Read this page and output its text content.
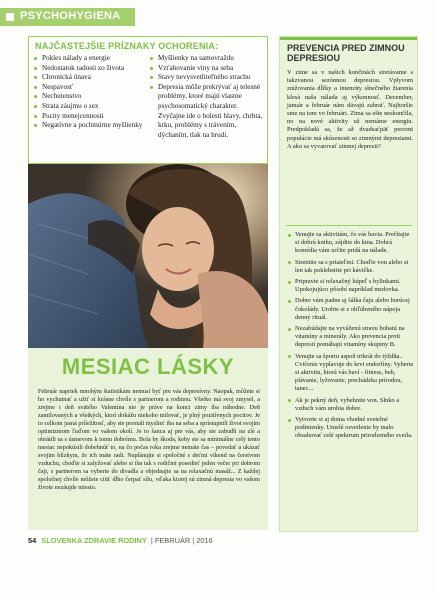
PSYCHOHYGIENA
NAJČASTEJŠIE PRÍZNAKY OCHORENIA:
Pokles nálady a energie
Nedostatok radosti zo života
Chronická únava
Nespavosť
Nechutenstvo
Strata záujmu o sex
Pocity menejcennosti
Negatívne a pochmúrne myšlienky
Myšlienky na samovraždu
Vzťahovanie viny na seba
Stavy nevysvetliteľného strachu
Depresia môže prekrývať aj telesné problémy, ktoré majú vlastne psychosomatický charakter. Zvyčajne ide o bolesti hlavy, chrbta, krku, problémy s trávením, dýchaním, tlak na hrudi.
MESIAC LÁSKY
Február napriek mnohým štatistikám nemusí byť pre vás depresívny. Naopak, môžete si ho vychutnať a užiť si krásne chvíle s partnerom a rodinou. Všetko má svoj zmysel, a zrejme i deň svätého Valentína nie je práve na konci zimy iba náhodne. Deň zamilovaných a všetkých, ktorí dokážu niekoho milovať, je plný pozitívnych pocitov. Je to celkom jasná príležitosť, aby ste prestali myslieť iba na seba a sprístupnili život svojim optimizmom ľuďom vo vašom okolí. Je to šanca aj pre vás, aby ste zabudli na zlé a obrátili sa s úsmevom k tomu dobrému. Bola by škoda, keby ste sa minimálne celý tento mesiac nepokúsili dobehnúť to, na čo počas roka zrejme nemáte čas – povedať a ukázať svojim blízkym, že ich máte radi. Naplánujte si spoločné s deťmi víkend na čerstvom vzduchu, choďte si zalyžovať alebo si iba tak s rodičmi posedieť jeden večer pri dobrom čaji, s partnerom sa vyberte do divadla a objednajte sa na relaxačnú masáž... Z každej spoločnej chvíle môžete cítiť dlho čerpať sílu, vďaka ktorej sú zimná depresia vo vašom živote nezáujde miesto.
PREVENCIA PRED ZIMNOU DEPRESIOU
V zime sa v našich končinách stretávame s takzvanou sezónnou depresiou. Vplyvom znižovania dĺžky a intenzity slnečného žiarenia klesá naša nálada aj výkonnosť. December, január a február nám dávajú zabrať. Najhoršie sme na tom vo februári. Zima sa ešte neskončila, no na nové aktivity už nemáme energiu. Predpokladá sa, že až dvadsaťpäť percent populácie má skúsenosti so zimnými depresiami. A ako sa vyvarovať zimnej depresii?
Venujte sa aktivitám, čo vás bavia. Prečítajte si dobrú knihu, zájdite do kina. Dobrá komédia vám určite pridá na nálade.
Stretnite sa s priateľmi. Choďte von alebo si len tak poklebetite pri kávičke.
Pripravte si relaxačný kúpeľ s bylinkami. Upokojujúco pôsobí napríklad medovka.
Dobre vám padne aj šálka čaju alebo horúcej čokolády. Urobte si z obľúbeného nápoja denný rituál.
Nezabúdajte na vyváženú stravu bohatú na vitamíny a minerály. Ako prevencia proti depresii pomáhajú vitamíny skupiny B.
Venujte sa športu aspoň trikrát do týždňa.. Cvičenie vyplavuje do krvi endorfíny. Vyberte si aktivitu, ktorá vás baví - fitness, beh, plávanie, lyžovanie, prechádzka prírodou, tanec...
Ak je pekný deň, vybehnite von. Slnko a vzduch vám urobia dobre.
Vytvorte si aj doma vhodné svetelné podmienky. Umelé osvetlenie by malo obsahovať celé spektrum prirodzeného svetla.
54 SLOVENKA ZDRAVIE RODINY | FEBRUÁR | 2016
